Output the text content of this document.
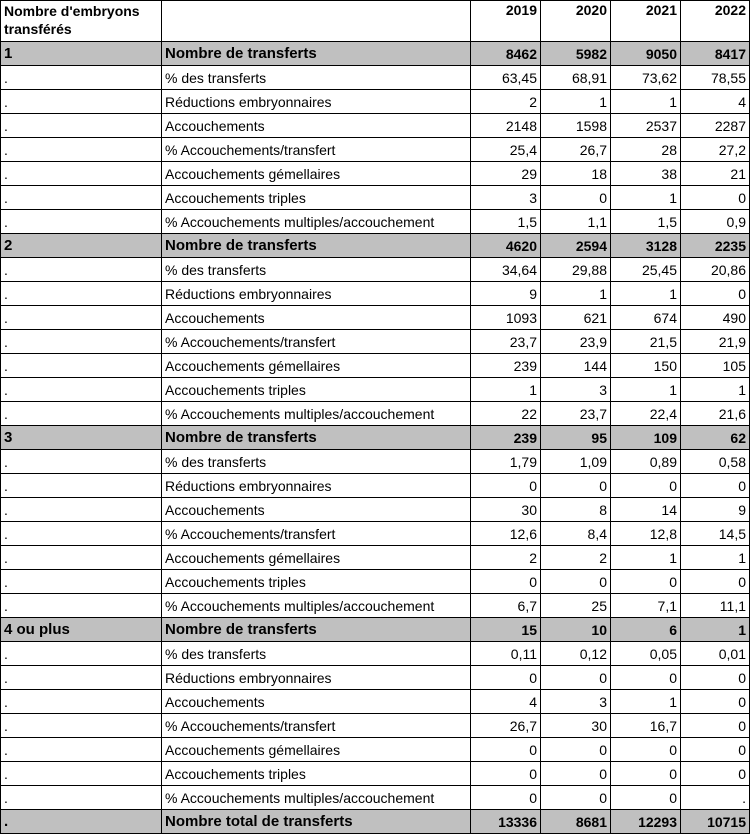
Nombre d'embryons transférés		2019	2020	2021	2022
1	Nombre de transferts	8462	5982	9050	8417
.	% des transferts	63,45	68,91	73,62	78,55
.	Réductions embryonnaires	2	1	1	4
.	Accouchements	2148	1598	2537	2287
.	% Accouchements/transfert	25,4	26,7	28	27,2
.	Accouchements gémellaires	29	18	38	21
.	Accouchements triples	3	0	1	0
.	% Accouchements multiples/accouchement	1,5	1,1	1,5	0,9
2	Nombre de transferts	4620	2594	3128	2235
.	% des transferts	34,64	29,88	25,45	20,86
.	Réductions embryonnaires	9	1	1	0
.	Accouchements	1093	621	674	490
.	% Accouchements/transfert	23,7	23,9	21,5	21,9
.	Accouchements gémellaires	239	144	150	105
.	Accouchements triples	1	3	1	1
.	% Accouchements multiples/accouchement	22	23,7	22,4	21,6
3	Nombre de transferts	239	95	109	62
.	% des transferts	1,79	1,09	0,89	0,58
.	Réductions embryonnaires	0	0	0	0
.	Accouchements	30	8	14	9
.	% Accouchements/transfert	12,6	8,4	12,8	14,5
.	Accouchements gémellaires	2	2	1	1
.	Accouchements triples	0	0	0	0
.	% Accouchements multiples/accouchement	6,7	25	7,1	11,1
4 ou plus	Nombre de transferts	15	10	6	1
.	% des transferts	0,11	0,12	0,05	0,01
.	Réductions embryonnaires	0	0	0	0
.	Accouchements	4	3	1	0
.	% Accouchements/transfert	26,7	30	16,7	0
.	Accouchements gémellaires	0	0	0	0
.	Accouchements triples	0	0	0	0
.	% Accouchements multiples/accouchement	0	0	0	.
.	Nombre total de transferts	13336	8681	12293	10715
